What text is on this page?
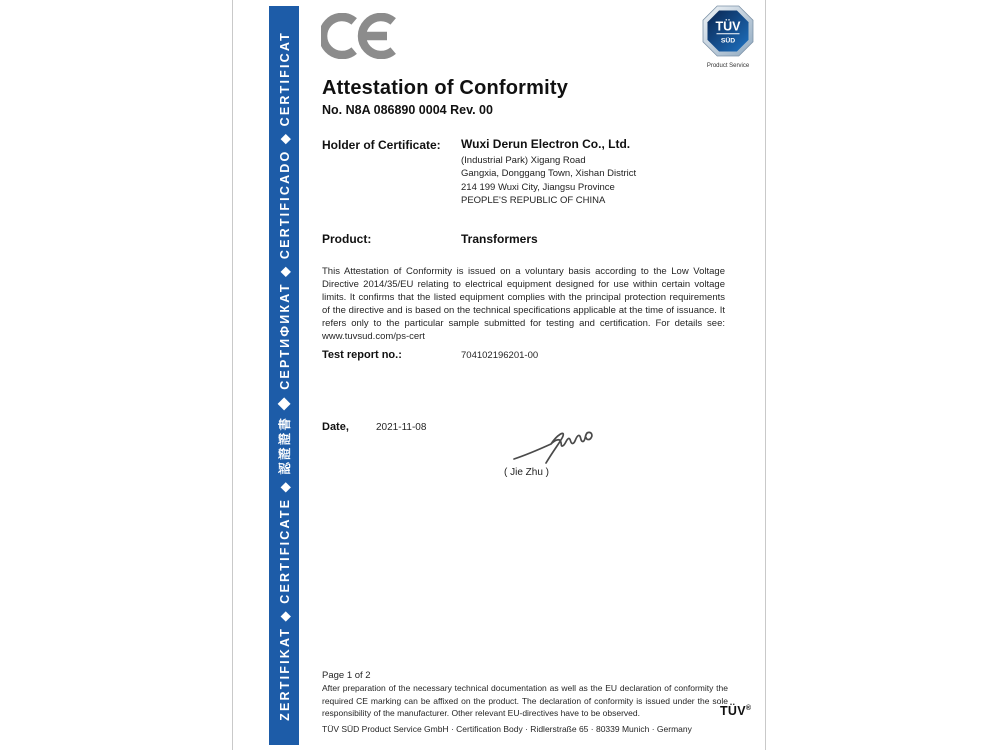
ZERTIFIKAT ◆ CERTIFICATE ◆ 認證證書 ◆ СЕРТИФИКАТ ◆ CERTIFICADO ◆ CERTIFICAT
TÜV
SÜD
Product Service
Attestation of Conformity
No. N8A 086890 0004 Rev. 00
Holder of Certificate: Wuxi Derun Electron Co., Ltd.
(Industrial Park) Xigang Road
Gangxia, Donggang Town, Xishan District
214 199 Wuxi City, Jiangsu Province
PEOPLE'S REPUBLIC OF CHINA
Product:	Transformers
This Attestation of Conformity is issued on a voluntary basis according to the Low Voltage Directive 2014/35/EU relating to electrical equipment designed for use within certain voltage limits. It confirms that the listed equipment complies with the principal protection requirements of the directive and is based on the technical specifications applicable at the time of issuance. It refers only to the particular sample submitted for testing and certification. For details see: www.tuvsud.com/ps-cert
Test report no.:	704102196201-00
Date,	2021-11-08
( Jie Zhu )
Page 1 of 2
After preparation of the necessary technical documentation as well as the EU declaration of conformity the required CE marking can be affixed on the product. The declaration of conformity is issued under the sole responsibility of the manufacturer. Other relevant EU-directives have to be observed.	TÜV®
TÜV SÜD Product Service GmbH · Certification Body · Ridlerstraße 65 · 80339 Munich · Germany
